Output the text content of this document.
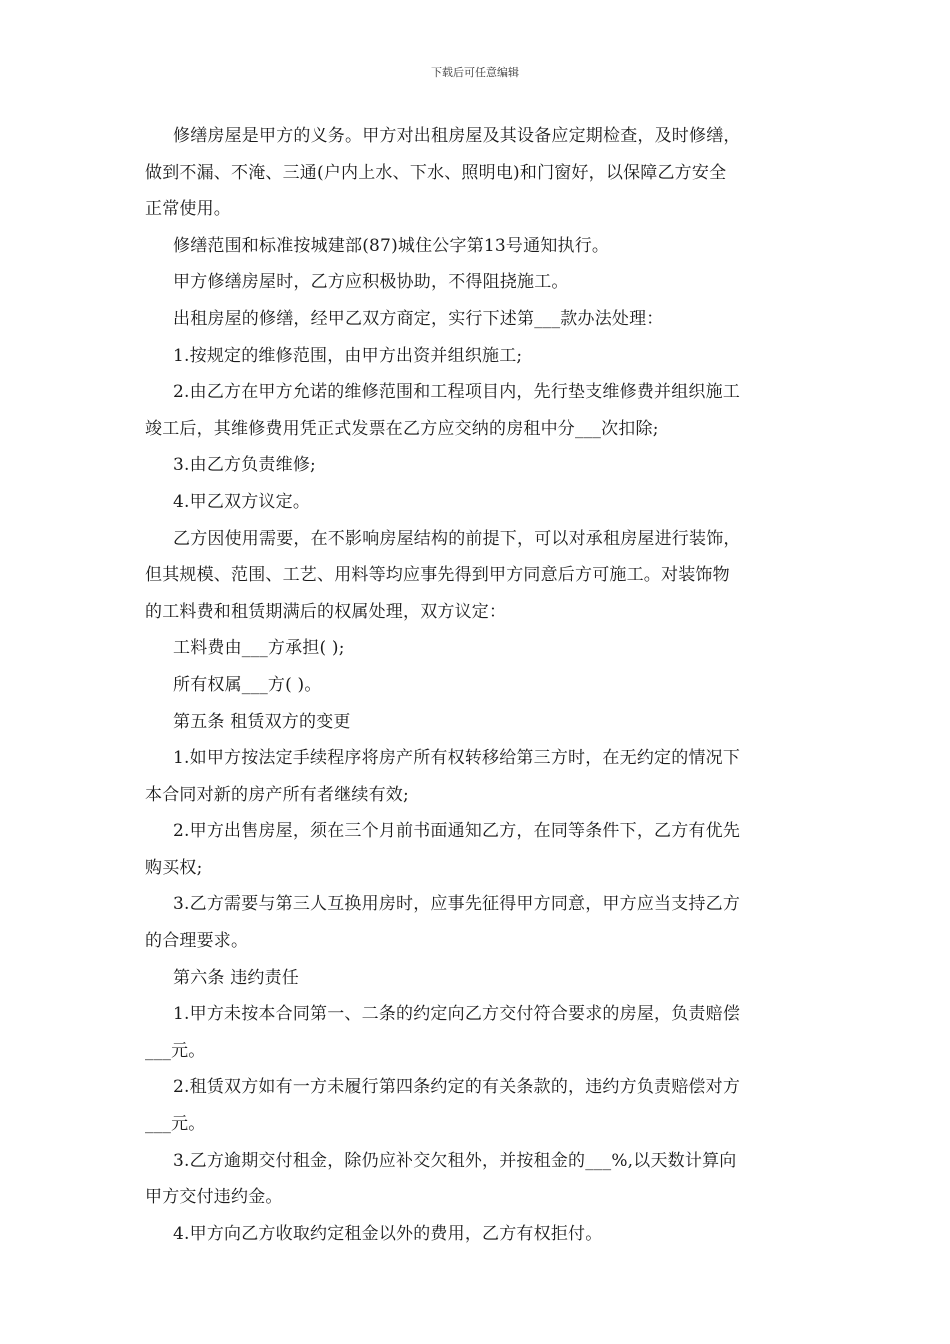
下载后可任意编辑
修缮房屋是甲方的义务。甲方对出租房屋及其设备应定期检查，及时修缮，
做到不漏、不淹、三通(户内上水、下水、照明电)和门窗好，以保障乙方安全
正常使用。
修缮范围和标准按城建部(87)城住公字第13号通知执行。
甲方修缮房屋时，乙方应积极协助，不得阻挠施工。
出租房屋的修缮，经甲乙双方商定，实行下述第___款办法处理：
1.按规定的维修范围，由甲方出资并组织施工;
2.由乙方在甲方允诺的维修范围和工程项目内，先行垫支维修费并组织施工
竣工后，其维修费用凭正式发票在乙方应交纳的房租中分___次扣除;
3.由乙方负责维修;
4.甲乙双方议定。
乙方因使用需要，在不影响房屋结构的前提下，可以对承租房屋进行装饰，
但其规模、范围、工艺、用料等均应事先得到甲方同意后方可施工。对装饰物
的工料费和租赁期满后的权属处理，双方议定：
工料费由___方承担( );
所有权属___方( )。
第五条 租赁双方的变更
1.如甲方按法定手续程序将房产所有权转移给第三方时，在无约定的情况下
本合同对新的房产所有者继续有效;
2.甲方出售房屋，须在三个月前书面通知乙方，在同等条件下，乙方有优先
购买权;
3.乙方需要与第三人互换用房时，应事先征得甲方同意，甲方应当支持乙方
的合理要求。
第六条 违约责任
1.甲方未按本合同第一、二条的约定向乙方交付符合要求的房屋，负责赔偿
___元。
2.租赁双方如有一方未履行第四条约定的有关条款的，违约方负责赔偿对方
___元。
3.乙方逾期交付租金，除仍应补交欠租外，并按租金的___%,以天数计算向
甲方交付违约金。
4.甲方向乙方收取约定租金以外的费用，乙方有权拒付。
